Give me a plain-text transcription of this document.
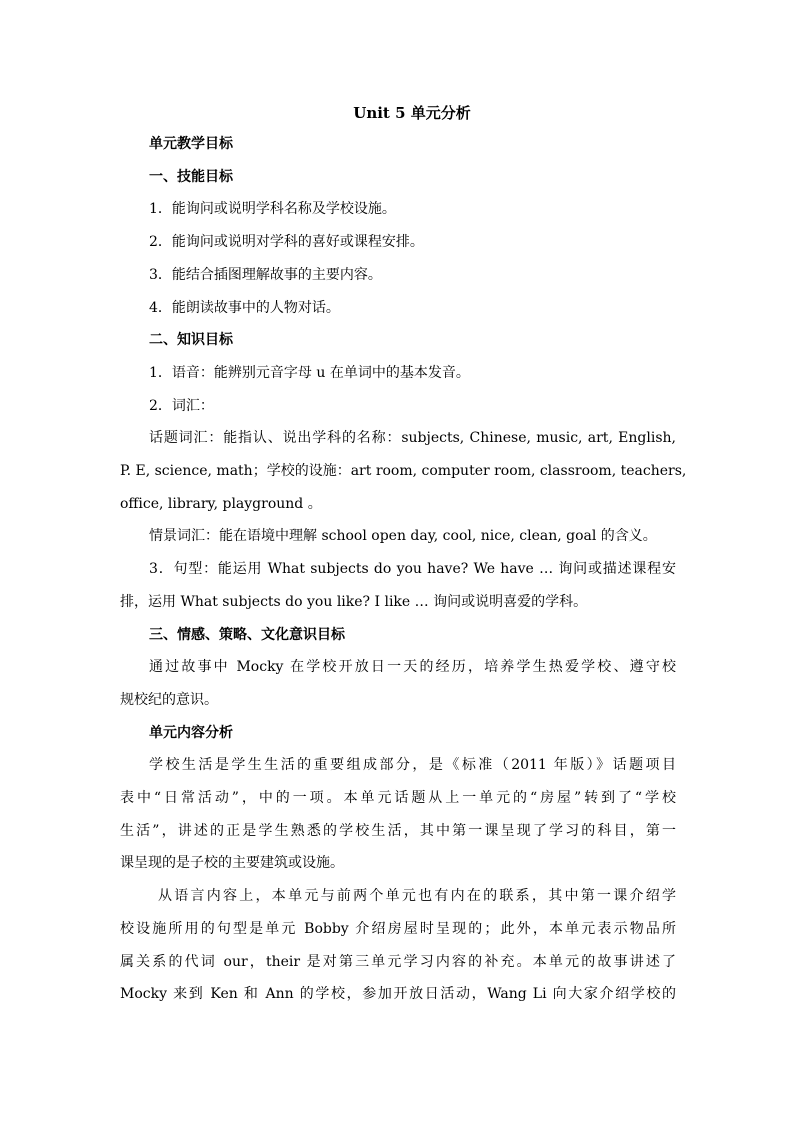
Unit 5 单元分析
单元教学目标
一、技能目标
1．能询问或说明学科名称及学校设施。
2．能询问或说明对学科的喜好或课程安排。
3．能结合插图理解故事的主要内容。
4．能朗读故事中的人物对话。
二、知识目标
1．语音：能辨别元音字母 u 在单词中的基本发音。
2．词汇：
话题词汇：能指认、说出学科的名称：subjects, Chinese, music, art, English,
P. E, science, math；学校的设施：art room, computer room, classroom, teachers,
office, library, playground 。
情景词汇：能在语境中理解 school open day, cool, nice, clean, goal 的含义。
3．句型：能运用 What subjects do you have? We have … 询问或描述课程安
排，运用 What subjects do you like? I like … 询问或说明喜爱的学科。
三、情感、策略、文化意识目标
通过故事中 Mocky 在学校开放日一天的经历，培养学生热爱学校、遵守校
规校纪的意识。
单元内容分析
学校生活是学生生活的重要组成部分，是《标准（2011 年版）》话题项目
表中“日常活动”，中的一项。本单元话题从上一单元的“房屋”转到了“学校
生活”，讲述的正是学生熟悉的学校生活，其中第一课呈现了学习的科目，第一
课呈现的是子校的主要建筑或设施。
从语言内容上，本单元与前两个单元也有内在的联系，其中第一课介绍学
校设施所用的句型是单元 Bobby 介绍房屋时呈现的；此外，本单元表示物品所
属关系的代词 our，their 是对第三单元学习内容的补充。本单元的故事讲述了
Mocky 来到 Ken 和 Ann 的学校，参加开放日活动，Wang Li 向大家介绍学校的
